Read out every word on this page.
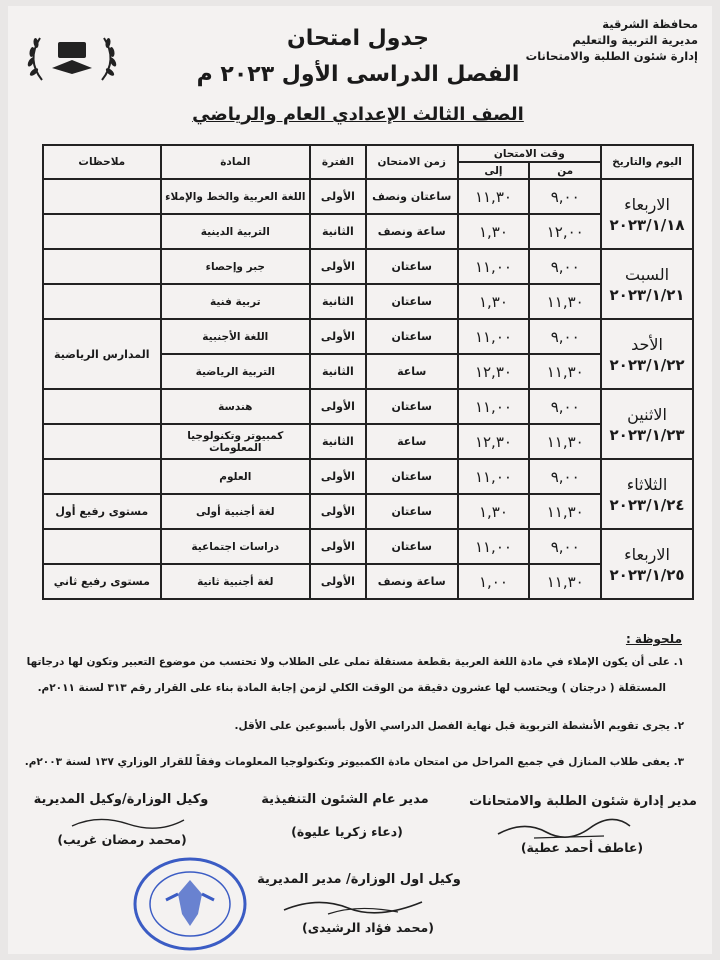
محافظة الشرقية
مديرية التربية والتعليم
إدارة شئون الطلبة والامتحانات
جدول امتحان
الفصل الدراسى الأول ٢٠٢٣ م
الصف الثالث الإعدادي العام والرياضي
اليوم والتاريخ	وقت الامتحان		زمن الامتحان	الفترة	المادة	ملاحظات
	من	إلى				

الاربعاء
٢٠٢٣/١/١٨	٩,٠٠	١١,٣٠	ساعتان ونصف	الأولى	اللغة العربية والخط والإملاء	
	١٢,٠٠	١,٣٠	ساعة ونصف	الثانية	التربية الدينية	

السبت
٢٠٢٣/١/٢١	٩,٠٠	١١,٠٠	ساعتان	الأولى	جبر وإحصاء	
	١١,٣٠	١,٣٠	ساعتان	الثانية	تربية فنية	

الأحد
٢٠٢٣/١/٢٢	٩,٠٠	١١,٠٠	ساعتان	الأولى	اللغة الأجنبية	المدارس الرياضية
	١١,٣٠	١٢,٣٠	ساعة	الثانية	التربية الرياضية	

الاثنين
٢٠٢٣/١/٢٣	٩,٠٠	١١,٠٠	ساعتان	الأولى	هندسة	
	١١,٣٠	١٢,٣٠	ساعة	الثانية	كمبيوتر وتكنولوجيا المعلومات	

الثلاثاء
٢٠٢٣/١/٢٤	٩,٠٠	١١,٠٠	ساعتان	الأولى	العلوم	
	١١,٣٠	١,٣٠	ساعتان	الأولى	لغة أجنبية أولى	مستوى رفيع أول

الاربعاء
٢٠٢٣/١/٢٥	٩,٠٠	١١,٠٠	ساعتان	الأولى	دراسات اجتماعية	
	١١,٣٠	١,٠٠	ساعة ونصف	الأولى	لغة أجنبية ثانية	مستوى رفيع ثاني
ملحوظة :
١. على أن يكون الإملاء في مادة اللغة العربية بقطعة مستقلة تملى على الطلاب ولا تحتسب من موضوع التعبير وتكون لها درجاتها
المستقلة ( درجتان ) ويحتسب لها عشرون دقيقة من الوقت الكلي لزمن إجابة المادة بناء على القرار رقم ٣١٣ لسنة ٢٠١١م.
٢. يجرى تقويم الأنشطة التربوية قبل نهاية الفصل الدراسي الأول بأسبوعين على الأقل.
٣. يعفى طلاب المنازل في جميع المراحل من امتحان مادة الكمبيوتر وتكنولوجيا المعلومات وفقاً للقرار الوزاري ١٣٧ لسنة ٢٠٠٣م.
مدير إدارة شئون الطلبة والامتحانات
(عاطف أحمد عطية)
مدير عام الشئون التنفيذية
(دعاء زكريا عليوة)
وكيل الوزارة/وكيل المديرية
(محمد رمضان غريب)
وكيل اول الوزارة/ مدير المديرية
(محمد فؤاد الرشيدى)
